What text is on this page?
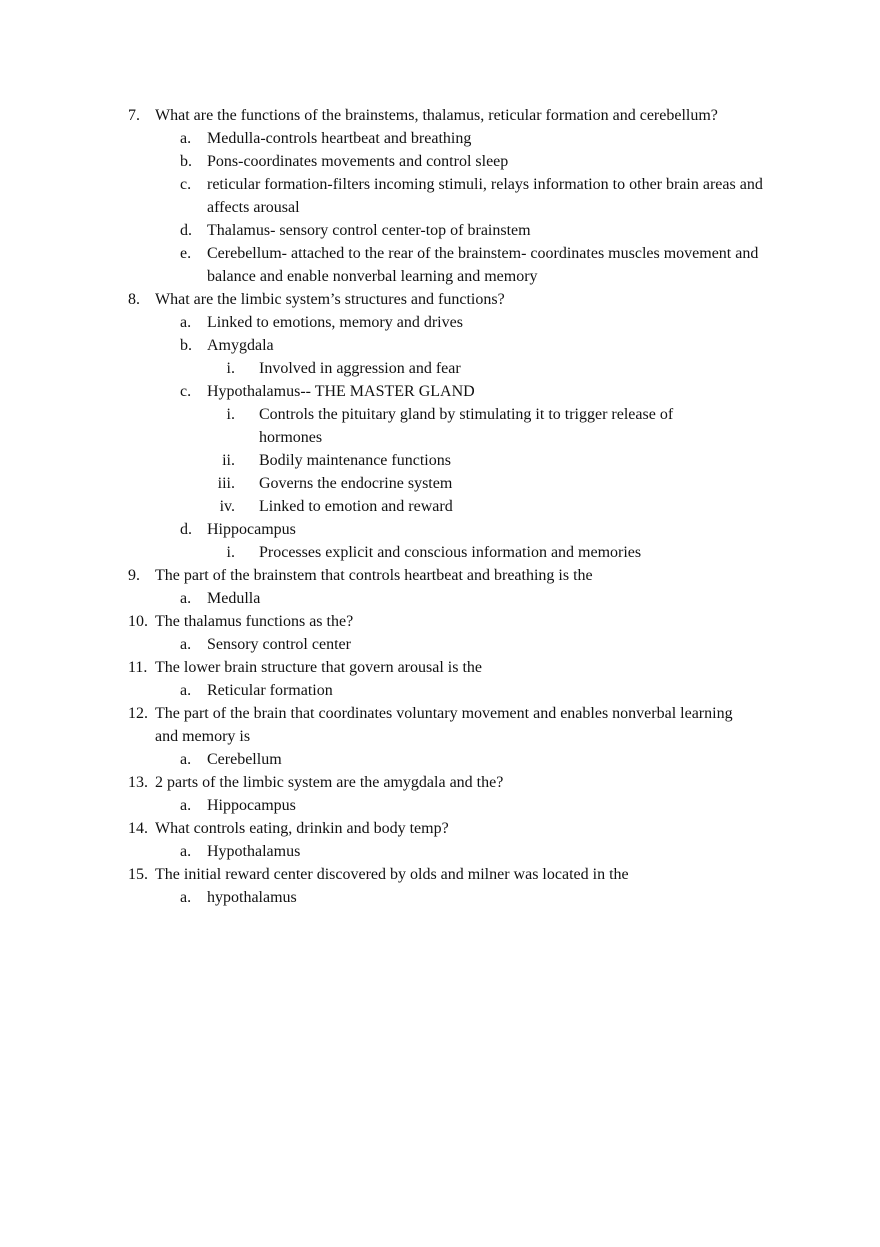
7. What are the functions of the brainstems, thalamus, reticular formation and cerebellum?
a. Medulla-controls heartbeat and breathing
b. Pons-coordinates movements and control sleep
c. reticular formation-filters incoming stimuli, relays information to other brain areas and affects arousal
d. Thalamus- sensory control center-top of brainstem
e. Cerebellum- attached to the rear of the brainstem- coordinates muscles movement and balance and enable nonverbal learning and memory
8. What are the limbic system’s structures and functions?
a. Linked to emotions, memory and drives
b. Amygdala
i.	Involved in aggression and fear
c. Hypothalamus-- THE MASTER GLAND
i.	Controls the pituitary gland by stimulating it to trigger release of hormones
ii.	Bodily maintenance functions
iii.	Governs the endocrine system
iv.	Linked to emotion and reward
d. Hippocampus
i.	Processes explicit and conscious information and memories
9. The part of the brainstem that controls heartbeat and breathing is the
a. Medulla
10. The thalamus functions as the?
a. Sensory control center
11. The lower brain structure that govern arousal is the
a. Reticular formation
12. The part of the brain that coordinates voluntary movement and enables nonverbal learning and memory is
a. Cerebellum
13. 2 parts of the limbic system are the amygdala and the?
a. Hippocampus
14. What controls eating, drinkin and body temp?
a. Hypothalamus
15. The initial reward center discovered by olds and milner was located in the
a. hypothalamus
